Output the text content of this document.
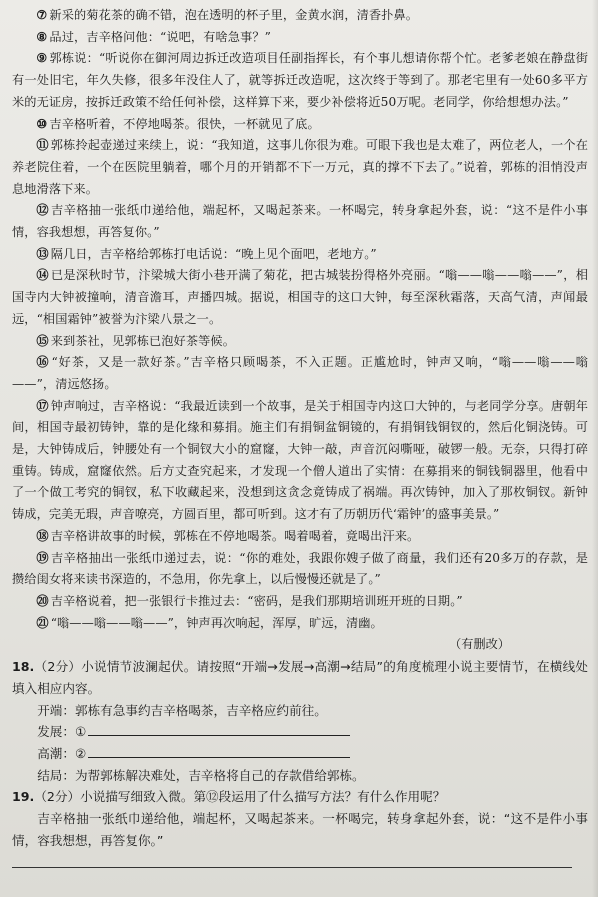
⑦ 新采的菊花茶的确不错，泡在透明的杯子里，金黄水润，清香扑鼻。

⑧ 品过，吉辛格问他：“说吧，有啥急事？”

⑨ 郭栋说：“听说你在御河周边拆迁改造项目任副指挥长，有个事儿想请你帮个忙。老爹老娘在静盘街有一处旧宅，年久失修，很多年没住人了，就等拆迁改造呢，这次终于等到了。那老宅里有一处60多平方米的无证房，按拆迁政策不给任何补偿，这样算下来，要少补偿将近50万呢。老同学，你给想想办法。”

⑩ 吉辛格听着，不停地喝茶。很快，一杯就见了底。

⑪ 郭栋拎起壶递过来续上，说：“我知道，这事儿你很为难。可眼下我也是太难了，两位老人，一个在养老院住着，一个在医院里躺着，哪个月的开销都不下一万元，真的撑不下去了。”说着，郭栋的泪悄没声息地滑落下来。

⑫ 吉辛格抽一张纸巾递给他，端起杯，又喝起茶来。一杯喝完，转身拿起外套，说：“这不是件小事情，容我想想，再答复你。”

⑬ 隔几日，吉辛格给郭栋打电话说：“晚上见个面吧，老地方。”

⑭ 已是深秋时节，汴梁城大街小巷开满了菊花，把古城装扮得格外亮丽。“嗡——嗡——嗡——”，相国寺内大钟被撞响，清音澹耳，声播四城。据说，相国寺的这口大钟，每至深秋霜落，天高气清，声闻最远，“相国霜钟”被誉为汴梁八景之一。

⑮ 来到茶社，见郭栋已泡好茶等候。

⑯ “好茶，又是一款好茶。”吉辛格只顾喝茶，不入正题。正尴尬时，钟声又响，“嗡——嗡——嗡——”，清远悠扬。

⑰ 钟声响过，吉辛格说：“我最近读到一个故事，是关于相国寺内这口大钟的，与老同学分享。唐朝年间，相国寺最初铸钟，靠的是化缘和募捐。施主们有捐铜盆铜镜的，有捐铜钱铜钗的，然后化铜浇铸。可是，大钟铸成后，钟腰处有一个铜钗大小的窟窿，大钟一敲，声音沉闷嘶哑，破锣一般。无奈，只得打碎重铸。铸成，窟窿依然。后方丈查究起来，才发现一个僧人道出了实情：在募捐来的铜钱铜器里，他看中了一个做工考究的铜钗，私下收藏起来，没想到这贪念竟铸成了祸端。再次铸钟，加入了那枚铜钗。新钟铸成，完美无瑕，声音嘹亮，方圆百里，都可听到。这才有了历朝历代‘霜钟’的盛事美景。”

⑱ 吉辛格讲故事的时候，郭栋在不停地喝茶。喝着喝着，竟喝出汗来。

⑲ 吉辛格抽出一张纸巾递过去，说：“你的难处，我跟你嫂子做了商量，我们还有20多万的存款，是攒给闺女将来读书深造的，不急用，你先拿上，以后慢慢还就是了。”

⑳ 吉辛格说着，把一张银行卡推过去：“密码，是我们那期培训班开班的日期。”

㉑ “嗡——嗡——嗡——”，钟声再次响起，浑厚，旷远，清幽。

（有删改）

18.（2分）小说情节波澜起伏。请按照“开端→发展→高潮→结局”的角度梳理小说主要情节，在横线处填入相应内容。

开端：郭栋有急事约吉辛格喝茶，吉辛格应约前往。

发展：①

高潮：②

结局：为帮郭栋解决难处，吉辛格将自己的存款借给郭栋。

19.（2分）小说描写细致入微。第⑫段运用了什么描写方法？有什么作用呢？

吉辛格抽一张纸巾递给他，端起杯，又喝起茶来。一杯喝完，转身拿起外套，说：“这不是件小事情，容我想想，再答复你。”
